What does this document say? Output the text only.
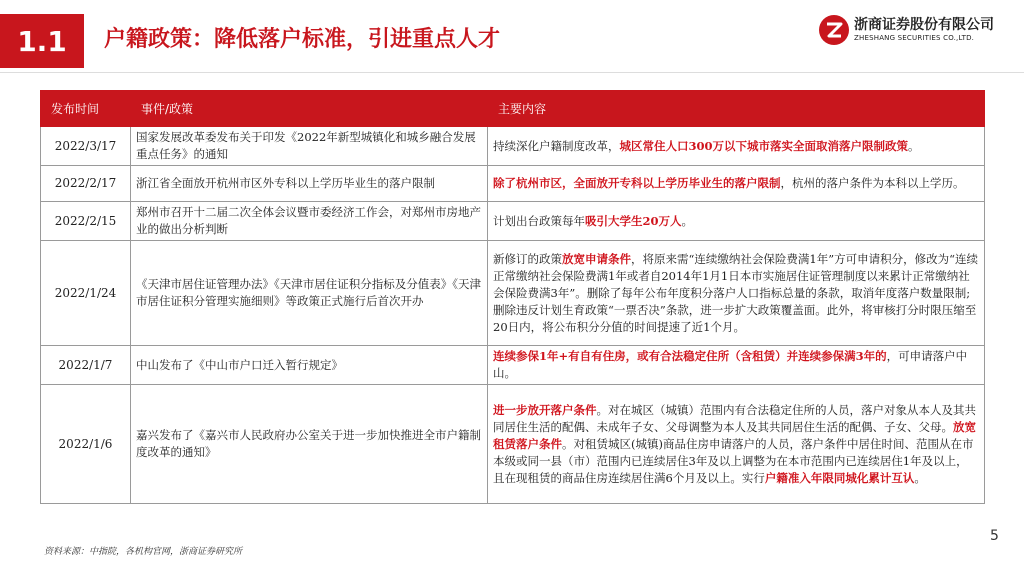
1.1	户籍政策：降低落户标准，引进重点人才
浙商证券股份有限公司
ZHESHANG SECURITIES CO.,LTD.
发布时间	事件/政策	主要内容
2022/3/17	国家发展改革委发布关于印发《2022年新型城镇化和城乡融合发展重点任务》的通知	持续深化户籍制度改革，城区常住人口300万以下城市落实全面取消落户限制政策。
2022/2/17	浙江省全面放开杭州市区外专科以上学历毕业生的落户限制	除了杭州市区，全面放开专科以上学历毕业生的落户限制，杭州的落户条件为本科以上学历。
2022/2/15	郑州市召开十二届二次全体会议暨市委经济工作会，对郑州市房地产业的做出分析判断	计划出台政策每年吸引大学生20万人。
2022/1/24	《天津市居住证管理办法》《天津市居住证积分指标及分值表》《天津市居住证积分管理实施细则》等政策正式施行后首次开办	新修订的政策放宽申请条件，将原来需“连续缴纳社会保险费满1年”方可申请积分，修改为“连续正常缴纳社会保险费满1年或者自2014年1月1日本市实施居住证管理制度以来累计正常缴纳社会保险费满3年”。删除了每年公布年度积分落户人口指标总量的条款，取消年度落户数量限制;删除违反计划生育政策“一票否决”条款，进一步扩大政策覆盖面。此外，将审核打分时限压缩至20日内，将公布积分分值的时间提速了近1个月。
2022/1/7	中山发布了《中山市户口迁入暂行规定》	连续参保1年+有自有住房，或有合法稳定住所（含租赁）并连续参保满3年的，可申请落户中山。
2022/1/6	嘉兴发布了《嘉兴市人民政府办公室关于进一步加快推进全市户籍制度改革的通知》	进一步放开落户条件。对在城区（城镇）范围内有合法稳定住所的人员，落户对象从本人及其共同居住生活的配偶、未成年子女、父母调整为本人及其共同居住生活的配偶、子女、父母。放宽租赁落户条件。对租赁城区(城镇)商品住房申请落户的人员，落户条件中居住时间、范围从在市本级或同一县（市）范围内已连续居住3年及以上调整为在本市范围内已连续居住1年及以上，且在现租赁的商品住房连续居住满6个月及以上。实行户籍准入年限同城化累计互认。
资料来源：中指院，各机构官网，浙商证券研究所
5
